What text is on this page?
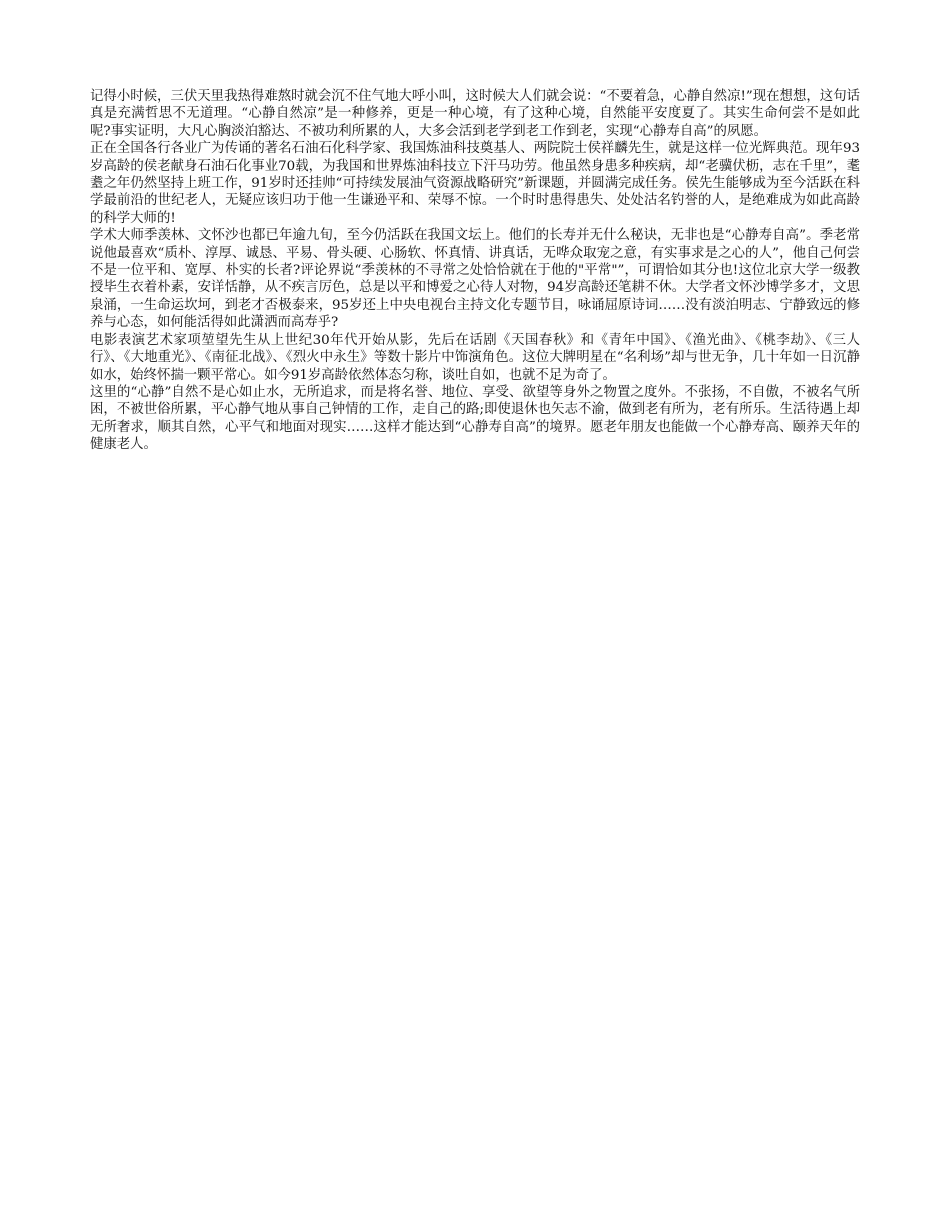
记得小时候，三伏天里我热得难熬时就会沉不住气地大呼小叫，这时候大人们就会说：“不要着急，心静自然凉!”现在想想，这句话真是充满哲思不无道理。“心静自然凉”是一种修养，更是一种心境，有了这种心境，自然能平安度夏了。其实生命何尝不是如此呢?事实证明，大凡心胸淡泊豁达、不被功利所累的人，大多会活到老学到老工作到老，实现“心静寿自高”的夙愿。

正在全国各行各业广为传诵的著名石油石化科学家、我国炼油科技奠基人、两院院士侯祥麟先生，就是这样一位光辉典范。现年93岁高龄的侯老献身石油石化事业70载，为我国和世界炼油科技立下汗马功劳。他虽然身患多种疾病，却“老骥伏枥，志在千里”，耄耋之年仍然坚持上班工作，91岁时还挂帅“可持续发展油气资源战略研究”新课题，并圆满完成任务。侯先生能够成为至今活跃在科学最前沿的世纪老人，无疑应该归功于他一生谦逊平和、荣辱不惊。一个时时患得患失、处处沽名钓誉的人，是绝难成为如此高龄的科学大师的!

学术大师季羡林、文怀沙也都已年逾九旬，至今仍活跃在我国文坛上。他们的长寿并无什么秘诀，无非也是“心静寿自高”。季老常说他最喜欢“质朴、淳厚、诚恳、平易、骨头硬、心肠软、怀真情、讲真话，无哗众取宠之意，有实事求是之心的人”，他自己何尝不是一位平和、宽厚、朴实的长者?评论界说“季羡林的不寻常之处恰恰就在于他的"平常"”，可谓恰如其分也!这位北京大学一级教授毕生衣着朴素，安详恬静，从不疾言厉色，总是以平和博爱之心待人对物，94岁高龄还笔耕不休。大学者文怀沙博学多才，文思泉涌，一生命运坎坷，到老才否极泰来，95岁还上中央电视台主持文化专题节目，咏诵屈原诗词……没有淡泊明志、宁静致远的修养与心态，如何能活得如此潇洒而高寿乎?

电影表演艺术家项堃望先生从上世纪30年代开始从影，先后在话剧《天国春秋》和《青年中国》、《渔光曲》、《桃李劫》、《三人行》、《大地重光》、《南征北战》、《烈火中永生》等数十影片中饰演角色。这位大牌明星在“名利场”却与世无争，几十年如一日沉静如水，始终怀揣一颗平常心。如今91岁高龄依然体态匀称，谈吐自如，也就不足为奇了。

这里的“心静”自然不是心如止水，无所追求，而是将名誉、地位、享受、欲望等身外之物置之度外。不张扬，不自傲，不被名气所困，不被世俗所累，平心静气地从事自己钟情的工作，走自己的路;即使退休也矢志不渝，做到老有所为，老有所乐。生活待遇上却无所奢求，顺其自然，心平气和地面对现实……这样才能达到“心静寿自高”的境界。愿老年朋友也能做一个心静寿高、颐养天年的健康老人。
